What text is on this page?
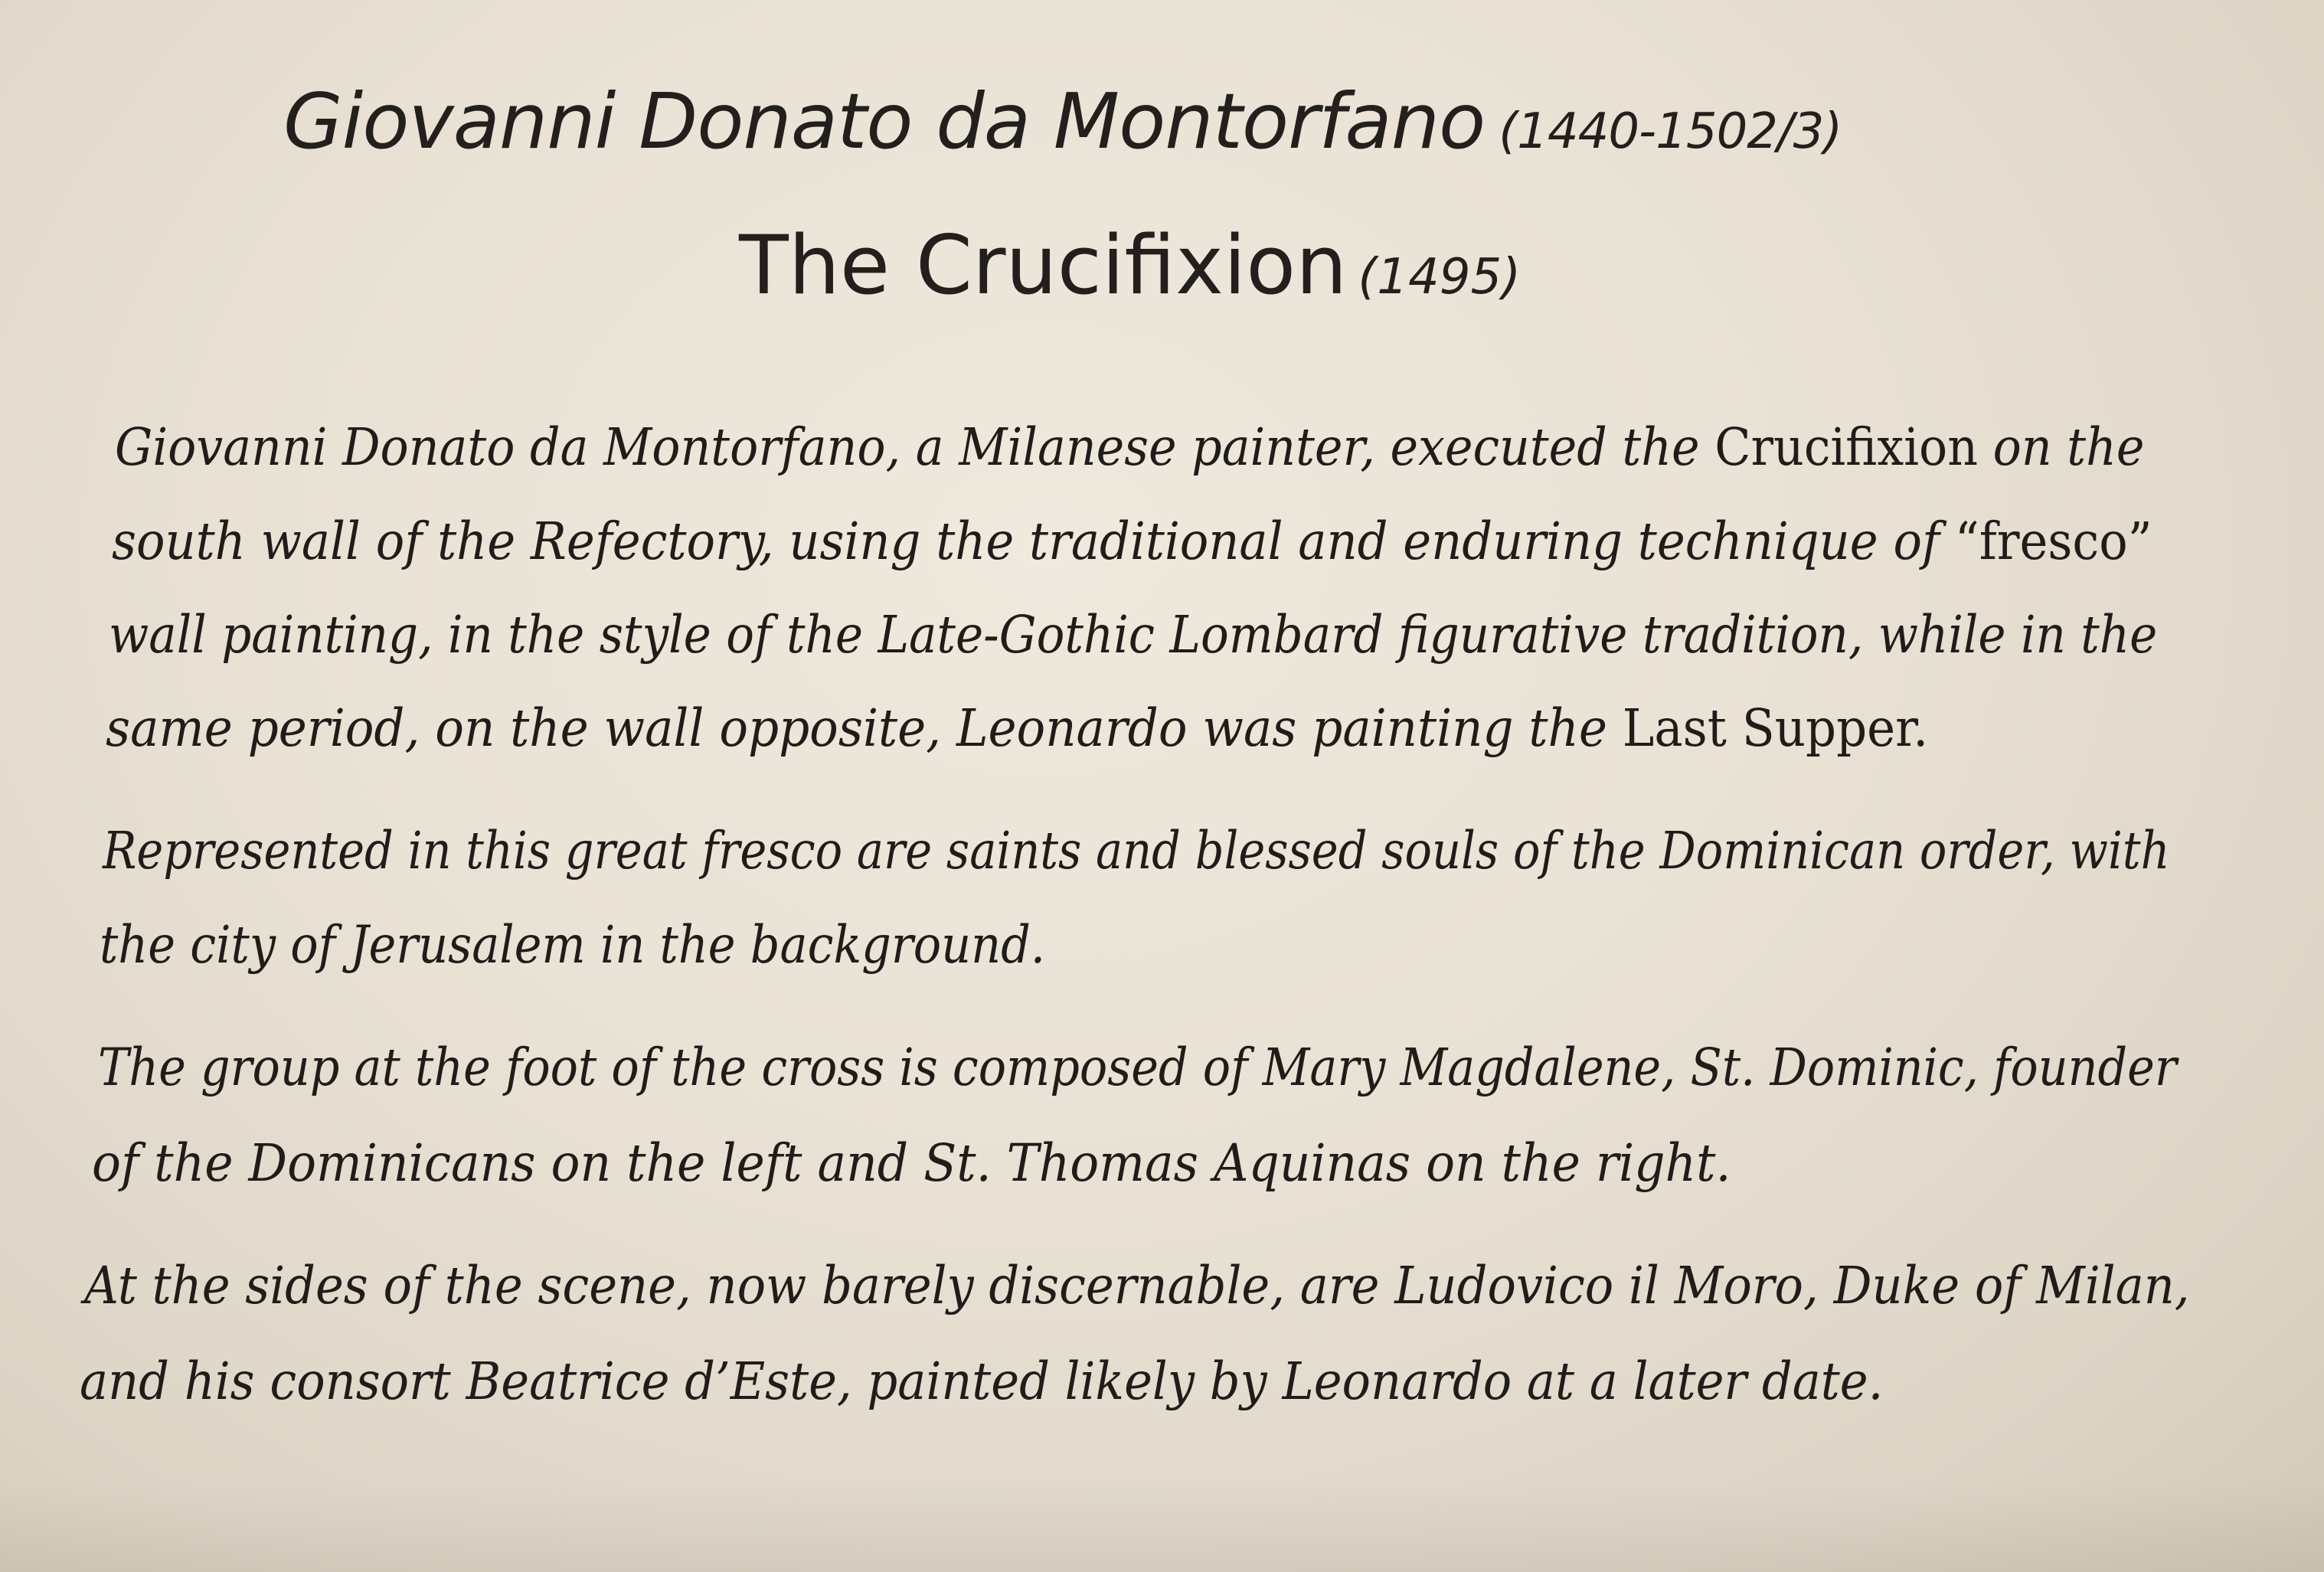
Giovanni Donato da Montorfano (1440-1502/3)
The Crucifixion (1495)
Giovanni Donato da Montorfano, a Milanese painter, executed the Crucifixion on the
south wall of the Refectory, using the traditional and enduring technique of “fresco”
wall painting, in the style of the Late-Gothic Lombard figurative tradition, while in the
same period, on the wall opposite, Leonardo was painting the Last Supper.
Represented in this great fresco are saints and blessed souls of the Dominican order, with
the city of Jerusalem in the background.
The group at the foot of the cross is composed of Mary Magdalene, St. Dominic, founder
of the Dominicans on the left and St. Thomas Aquinas on the right.
At the sides of the scene, now barely discernable, are Ludovico il Moro, Duke of Milan,
and his consort Beatrice d’Este, painted likely by Leonardo at a later date.
